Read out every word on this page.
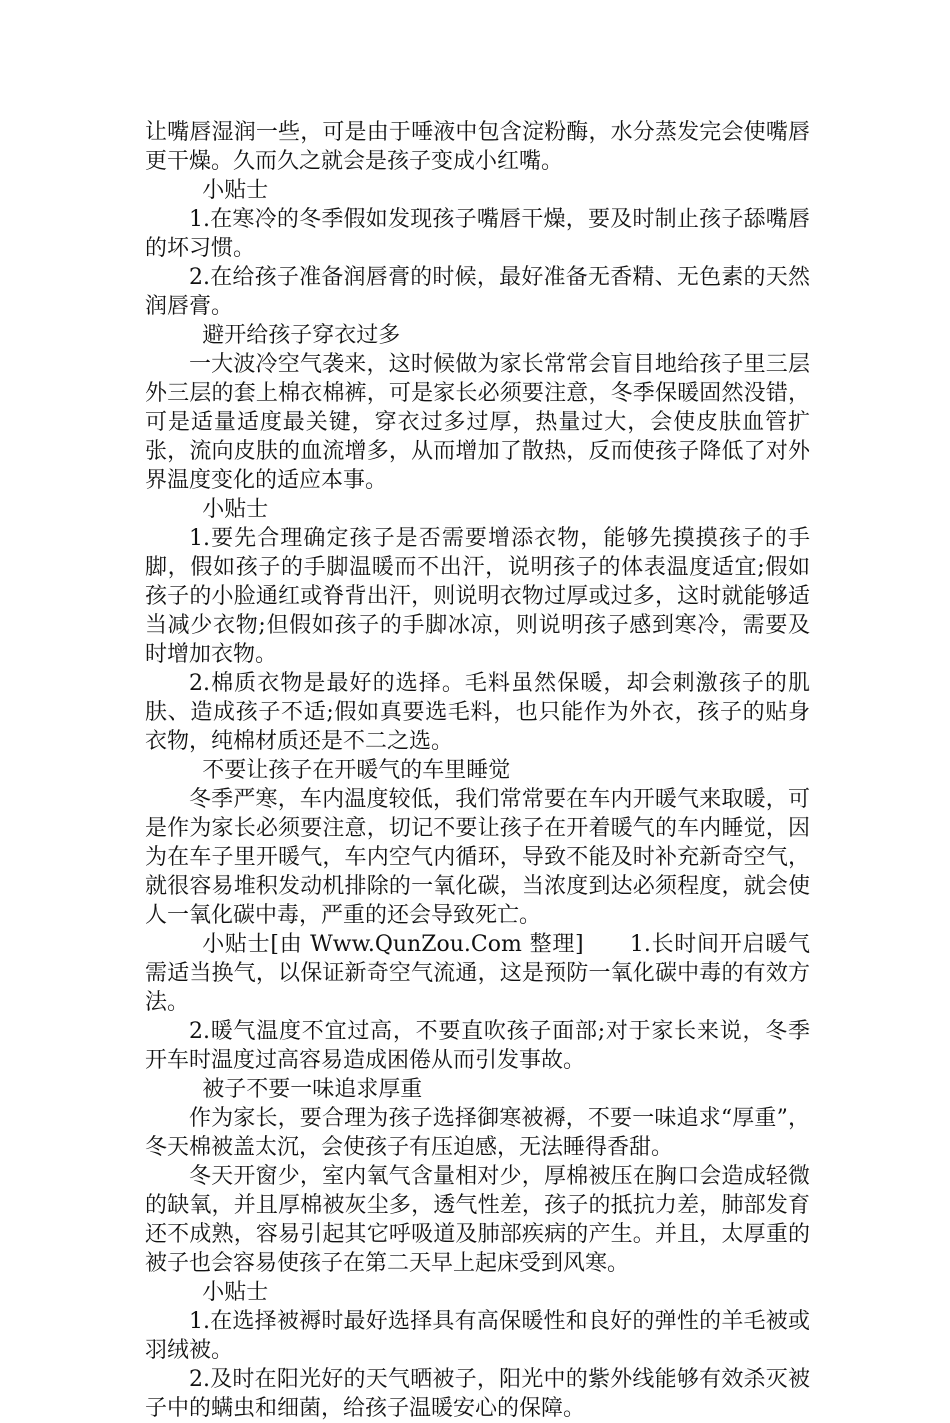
让嘴唇湿润一些，可是由于唾液中包含淀粉酶，水分蒸发完会使嘴唇更干燥。久而久之就会是孩子变成小红嘴。

小贴士

1.在寒冷的冬季假如发现孩子嘴唇干燥，要及时制止孩子舔嘴唇的坏习惯。

2.在给孩子准备润唇膏的时候，最好准备无香精、无色素的天然润唇膏。

避开给孩子穿衣过多

一大波冷空气袭来，这时候做为家长常常会盲目地给孩子里三层外三层的套上棉衣棉裤，可是家长必须要注意，冬季保暖固然没错，可是适量适度最关键，穿衣过多过厚，热量过大，会使皮肤血管扩张，流向皮肤的血流增多，从而增加了散热，反而使孩子降低了对外界温度变化的适应本事。

小贴士

1.要先合理确定孩子是否需要增添衣物，能够先摸摸孩子的手脚，假如孩子的手脚温暖而不出汗，说明孩子的体表温度适宜;假如孩子的小脸通红或脊背出汗，则说明衣物过厚或过多，这时就能够适当减少衣物;但假如孩子的手脚冰凉，则说明孩子感到寒冷，需要及时增加衣物。

2.棉质衣物是最好的选择。毛料虽然保暖，却会刺激孩子的肌肤、造成孩子不适;假如真要选毛料，也只能作为外衣，孩子的贴身衣物，纯棉材质还是不二之选。

不要让孩子在开暖气的车里睡觉

冬季严寒，车内温度较低，我们常常要在车内开暖气来取暖，可是作为家长必须要注意，切记不要让孩子在开着暖气的车内睡觉，因为在车子里开暖气，车内空气内循环，导致不能及时补充新奇空气，就很容易堆积发动机排除的一氧化碳，当浓度到达必须程度，就会使人一氧化碳中毒，严重的还会导致死亡。

小贴士[由 Www.QunZou.Com 整理]　　1.长时间开启暖气需适当换气，以保证新奇空气流通，这是预防一氧化碳中毒的有效方法。

2.暖气温度不宜过高，不要直吹孩子面部;对于家长来说，冬季开车时温度过高容易造成困倦从而引发事故。

被子不要一味追求厚重

作为家长，要合理为孩子选择御寒被褥，不要一味追求“厚重”，冬天棉被盖太沉，会使孩子有压迫感，无法睡得香甜。

冬天开窗少，室内氧气含量相对少，厚棉被压在胸口会造成轻微的缺氧，并且厚棉被灰尘多，透气性差，孩子的抵抗力差，肺部发育还不成熟，容易引起其它呼吸道及肺部疾病的产生。并且，太厚重的被子也会容易使孩子在第二天早上起床受到风寒。

小贴士

1.在选择被褥时最好选择具有高保暖性和良好的弹性的羊毛被或羽绒被。

2.及时在阳光好的天气晒被子，阳光中的紫外线能够有效杀灭被子中的螨虫和细菌，给孩子温暖安心的保障。
